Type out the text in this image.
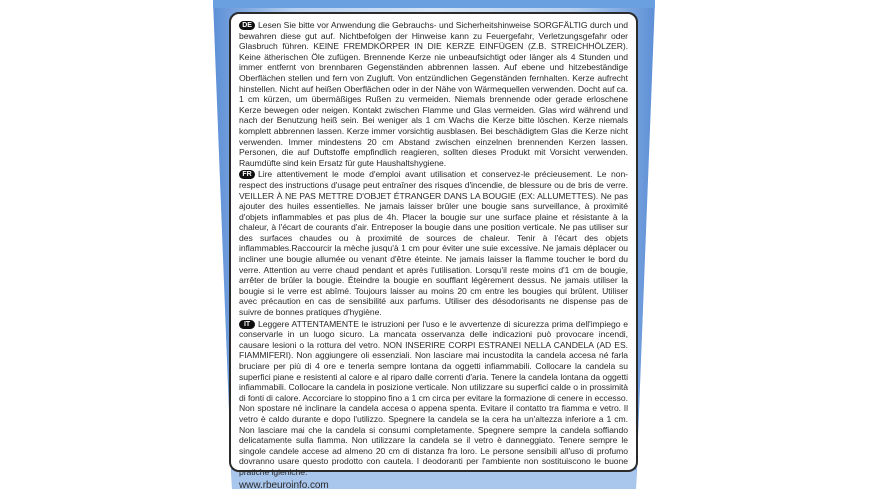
DE Lesen Sie bitte vor Anwendung die Gebrauchs- und Sicherheitshinweise SORGFÄLTIG durch und bewahren diese gut auf. Nichtbefolgen der Hinweise kann zu Feuergefahr, Verletzungsgefahr oder Glasbruch führen. KEINE FREMDKÖRPER IN DIE KERZE EINFÜGEN (Z.B. STREICHHÖLZER). Keine ätherischen Öle zufügen. Brennende Kerze nie unbeaufsichtigt oder länger als 4 Stunden und immer entfernt von brennbaren Gegenständen abbrennen lassen. Auf ebene und hitzebeständige Oberflächen stellen und fern von Zugluft. Von entzündlichen Gegenständen fernhalten. Kerze aufrecht hinstellen. Nicht auf heißen Oberflächen oder in der Nähe von Wärmequellen verwenden. Docht auf ca. 1 cm kürzen, um übermäßiges Rußen zu vermeiden. Niemals brennende oder gerade erloschene Kerze bewegen oder neigen. Kontakt zwischen Flamme und Glas vermeiden. Glas wird während und nach der Benutzung heiß sein. Bei weniger als 1 cm Wachs die Kerze bitte löschen. Kerze niemals komplett abbrennen lassen. Kerze immer vorsichtig ausblasen. Bei beschädigtem Glas die Kerze nicht verwenden. Immer mindestens 20 cm Abstand zwischen einzelnen brennenden Kerzen lassen. Personen, die auf Duftstoffe empfindlich reagieren, sollten dieses Produkt mit Vorsicht verwenden. Raumdüfte sind kein Ersatz für gute Haushaltshygiene.

FR Lire attentivement le mode d'emploi avant utilisation et conservez-le précieusement. Le non-respect des instructions d'usage peut entraîner des risques d'incendie, de blessure ou de bris de verre. VEILLER À NE PAS METTRE D'OBJET ÉTRANGER DANS LA BOUGIE (EX: ALLUMETTES). Ne pas ajouter des huiles essentielles. Ne jamais laisser brûler une bougie sans surveillance, à proximité d'objets inflammables et pas plus de 4h. Placer la bougie sur une surface plaine et résistante à la chaleur, à l'écart de courants d'air. Entreposer la bougie dans une position verticale. Ne pas utiliser sur des surfaces chaudes ou à proximité de sources de chaleur. Tenir à l'écart des objets inflammables.Raccourcir la mèche jusqu'à 1 cm pour éviter une suie excessive. Ne jamais déplacer ou incliner une bougie allumée ou venant d'être éteinte. Ne jamais laisser la flamme toucher le bord du verre. Attention au verre chaud pendant et après l'utilisation. Lorsqu'il reste moins d'1 cm de bougie, arrêter de brûler la bougie. Éteindre la bougie en soufflant légèrement dessus. Ne jamais utiliser la bougie si le verre est abîmé. Toujours laisser au moins 20 cm entre les bougies qui brûlent. Utiliser avec précaution en cas de sensibilité aux parfums. Utiliser des désodorisants ne dispense pas de suivre de bonnes pratiques d'hygiène.

IT Leggere ATTENTAMENTE le istruzioni per l'uso e le avvertenze di sicurezza prima dell'impiego e conservarle in un luogo sicuro. La mancata osservanza delle indicazioni può provocare incendi, causare lesioni o la rottura del vetro. NON INSERIRE CORPI ESTRANEI NELLA CANDELA (AD ES. FIAMMIFERI). Non aggiungere oli essenziali. Non lasciare mai incustodita la candela accesa né farla bruciare per più di 4 ore e tenerla sempre lontana da oggetti infiammabili. Collocare la candela su superfici piane e resistenti al calore e al riparo dalle correnti d'aria. Tenere la candela lontana da oggetti infiammabili. Collocare la candela in posizione verticale. Non utilizzare su superfici calde o in prossimità di fonti di calore. Accorciare lo stoppino fino a 1 cm circa per evitare la formazione di cenere in eccesso. Non spostare né inclinare la candela accesa o appena spenta. Evitare il contatto tra fiamma e vetro. Il vetro è caldo durante e dopo l'utilizzo. Spegnere la candela se la cera ha un'altezza inferiore a 1 cm. Non lasciare mai che la candela si consumi completamente. Spegnere sempre la candela soffiando delicatamente sulla fiamma. Non utilizzare la candela se il vetro è danneggiato. Tenere sempre le singole candele accese ad almeno 20 cm di distanza fra loro. Le persone sensibili all'uso di profumo dovranno usare questo prodotto con cautela. I deodoranti per l'ambiente non sostituiscono le buone pratiche igieniche.

www.rbeuroinfo.com
